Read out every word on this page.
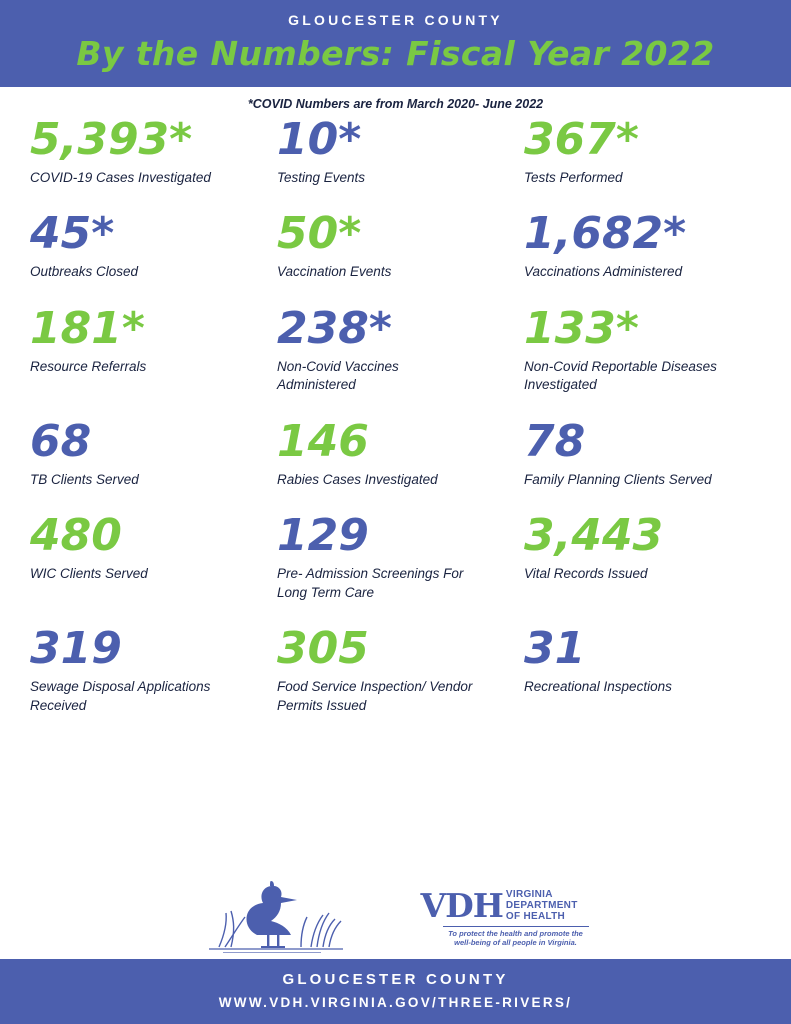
GLOUCESTER COUNTY
By the Numbers: Fiscal Year 2022
*COVID Numbers are from March 2020- June 2022
5,393*
COVID-19 Cases Investigated
10*
Testing Events
367*
Tests Performed
45*
Outbreaks Closed
50*
Vaccination Events
1,682*
Vaccinations Administered
181*
Resource Referrals
238*
Non-Covid Vaccines Administered
133*
Non-Covid Reportable Diseases Investigated
68
TB Clients Served
146
Rabies Cases Investigated
78
Family Planning Clients Served
480
WIC Clients Served
129
Pre- Admission Screenings For Long Term Care
3,443
Vital Records Issued
319
Sewage Disposal Applications Received
305
Food Service Inspection/ Vendor Permits Issued
31
Recreational Inspections
VDH VIRGINIA
DEPARTMENT
OF HEALTH
To protect the health and promote the well-being of all people in Virginia.
GLOUCESTER COUNTY
WWW.VDH.VIRGINIA.GOV/THREE-RIVERS/
